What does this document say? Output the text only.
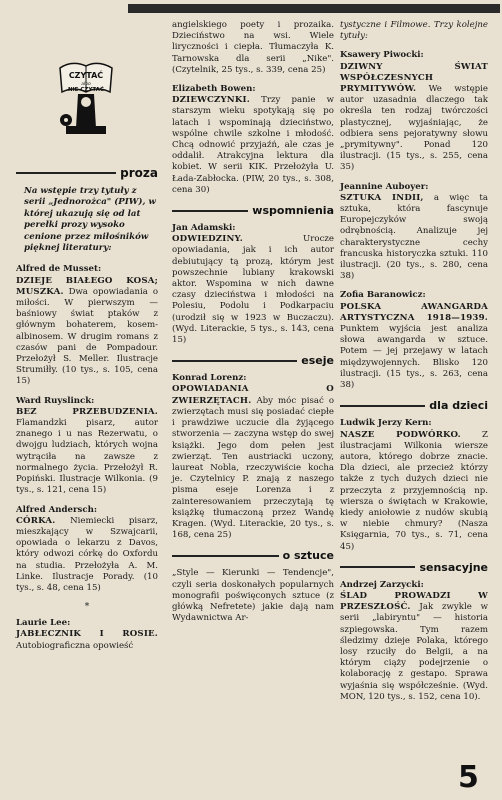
CZYTAĆ
albo
NIE CZYTAĆ
proza

Na wstępie trzy tytuły z serii „Jednorożca" (PIW), w której ukazują się od lat perełki prozy wysoko cenione przez miłośników pięknej literatury:

Alfred de Musset:
DZIEJE BIAŁEGO KOSA; MUSZKA. Dwa opowiadania o miłości. W pierwszym — baśniowy świat ptaków z głównym bohaterem, kosem-albinosem. W drugim romans z czasów pani de Pompadour. Przełożył S. Meller. Ilustracje Strumiłły. (10 tys., s. 105, cena 15)

Ward Ruyslinck:
BEZ PRZEBUDZENIA. Flamandzki pisarz, autor znanego i u nas Rezerwatu, o dwojgu ludziach, których wojna wytrąciła na zawsze z normalnego życia. Przełożył R. Popiński. Ilustracje Wilkonia. (9 tys., s. 121, cena 15)

Alfred Andersch:
CÓRKA. Niemiecki pisarz, mieszkający w Szwajcarii, opowiada o lekarzu z Davos, który odwozi córkę do Oxfordu na studia. Przełożyła A. M. Linke. Ilustracje Porady. (10 tys., s. 48, cena 15)

*

Laurie Lee:
JABŁECZNIK I ROSIE. Autobiograficzna opowieść

angielskiego poety i prozaika. Dzieciństwo na wsi. Wiele liryczności i ciepła. Tłumaczyła K. Tarnowska dla serii „Nike". (Czytelnik, 25 tys., s. 339, cena 25)

Elizabeth Bowen:
DZIEWCZYNKI. Trzy panie w starszym wieku spotykają się po latach i wspominają dzieciństwo, wspólne chwile szkolne i młodość. Chcą odnowić przyjaźń, ale czas je oddalił. Atrakcyjna lektura dla kobiet. W serii KIK. Przełożyła U. Łada-Zabłocka. (PIW, 20 tys., s. 308, cena 30)

wspomnienia

Jan Adamski:
ODWIEDZINY.	Urocze opowiadania, jak i ich autor debiutujący tą prozą, którym jest powszechnie lubiany krakowski aktor. Wspomina w nich dawne czasy dzieciństwa i młodości na Polesiu, Podolu i Podkarpaciu (urodził się w 1923 w Buczaczu). (Wyd. Literackie, 5 tys., s. 143, cena 15)

eseje

Konrad Lorenz:
OPOWIADANIA O ZWIERZĘTACH. Aby móc pisać o zwierzętach musi się posiadać ciepłe i prawdziwe uczucie dla żyjącego stworzenia — zaczyna wstęp do swej książki. Jego dom pełen jest zwierząt. Ten austriacki uczony, laureat Nobla, rzeczywiście kocha je. Czytelnicy P. znają z naszego pisma eseje Lorenza i z zainteresowaniem przeczytają tę książkę tłumaczoną przez Wandę Kragen. (Wyd. Literackie, 20 tys., s. 168, cena 25)

o sztuce

„Style — Kierunki — Tendencje", czyli seria doskonałych popularnych monografii poświęconych sztuce (z główką Nefretete) jakie dają nam Wydawnictwa Ar-

tystyczne i Filmowe. Trzy kolejne tytuły:

Ksawery Piwocki:
DZIWNY ŚWIAT WSPÓŁCZESNYCH PRYMITYWÓW. We wstępie autor uzasadnia dlaczego tak określa ten rodzaj twórczości plastycznej, wyjaśniając, że odbiera sens pejoratywny słowu „prymitywny". Ponad 120 ilustracji. (15 tys., s. 255, cena 35)

Jeannine Auboyer:
SZTUKA INDII, a więc ta sztuka, która fascynuje Europejczyków swoją odrębnością. Analizuje jej charakterystyczne cechy francuska historyczka sztuki. 110 ilustracji. (20 tys., s. 280, cena 38)

Zofia Baranowicz:
POLSKA AWANGARDA ARTYSTYCZNA 1918—1939. Punktem wyjścia jest analiza słowa awangarda w sztuce. Potem — jej przejawy w latach międzywojennych. Blisko 120 ilustracji. (15 tys., s. 263, cena 38)

dla dzieci

Ludwik Jerzy Kern:
NASZE PODWÓRKO. Z ilustracjami Wilkonia wiersze autora, którego dobrze znacie. Dla dzieci, ale przecież którzy także z tych dużych dzieci nie przeczyta z przyjemnością np. wiersza o świętach w Krakowie, kiedy aniołowie z nudów skubią w niebie chmury? (Nasza Księgarnia, 70 tys., s. 71, cena 45)

sensacyjne

Andrzej Zarzycki:
ŚLAD PROWADZI W PRZESZŁOŚĆ. Jak zwykle w serii „labiryntu" — historia szpiegowska. Tym razem śledzimy dzieje Polaka, którego losy rzuciły do Belgii, a na którym ciąży podejrzenie o kolaborację z gestapo. Sprawa wyjaśnia się współcześnie. (Wyd. MON, 120 tys., s. 152, cena 10).

5
